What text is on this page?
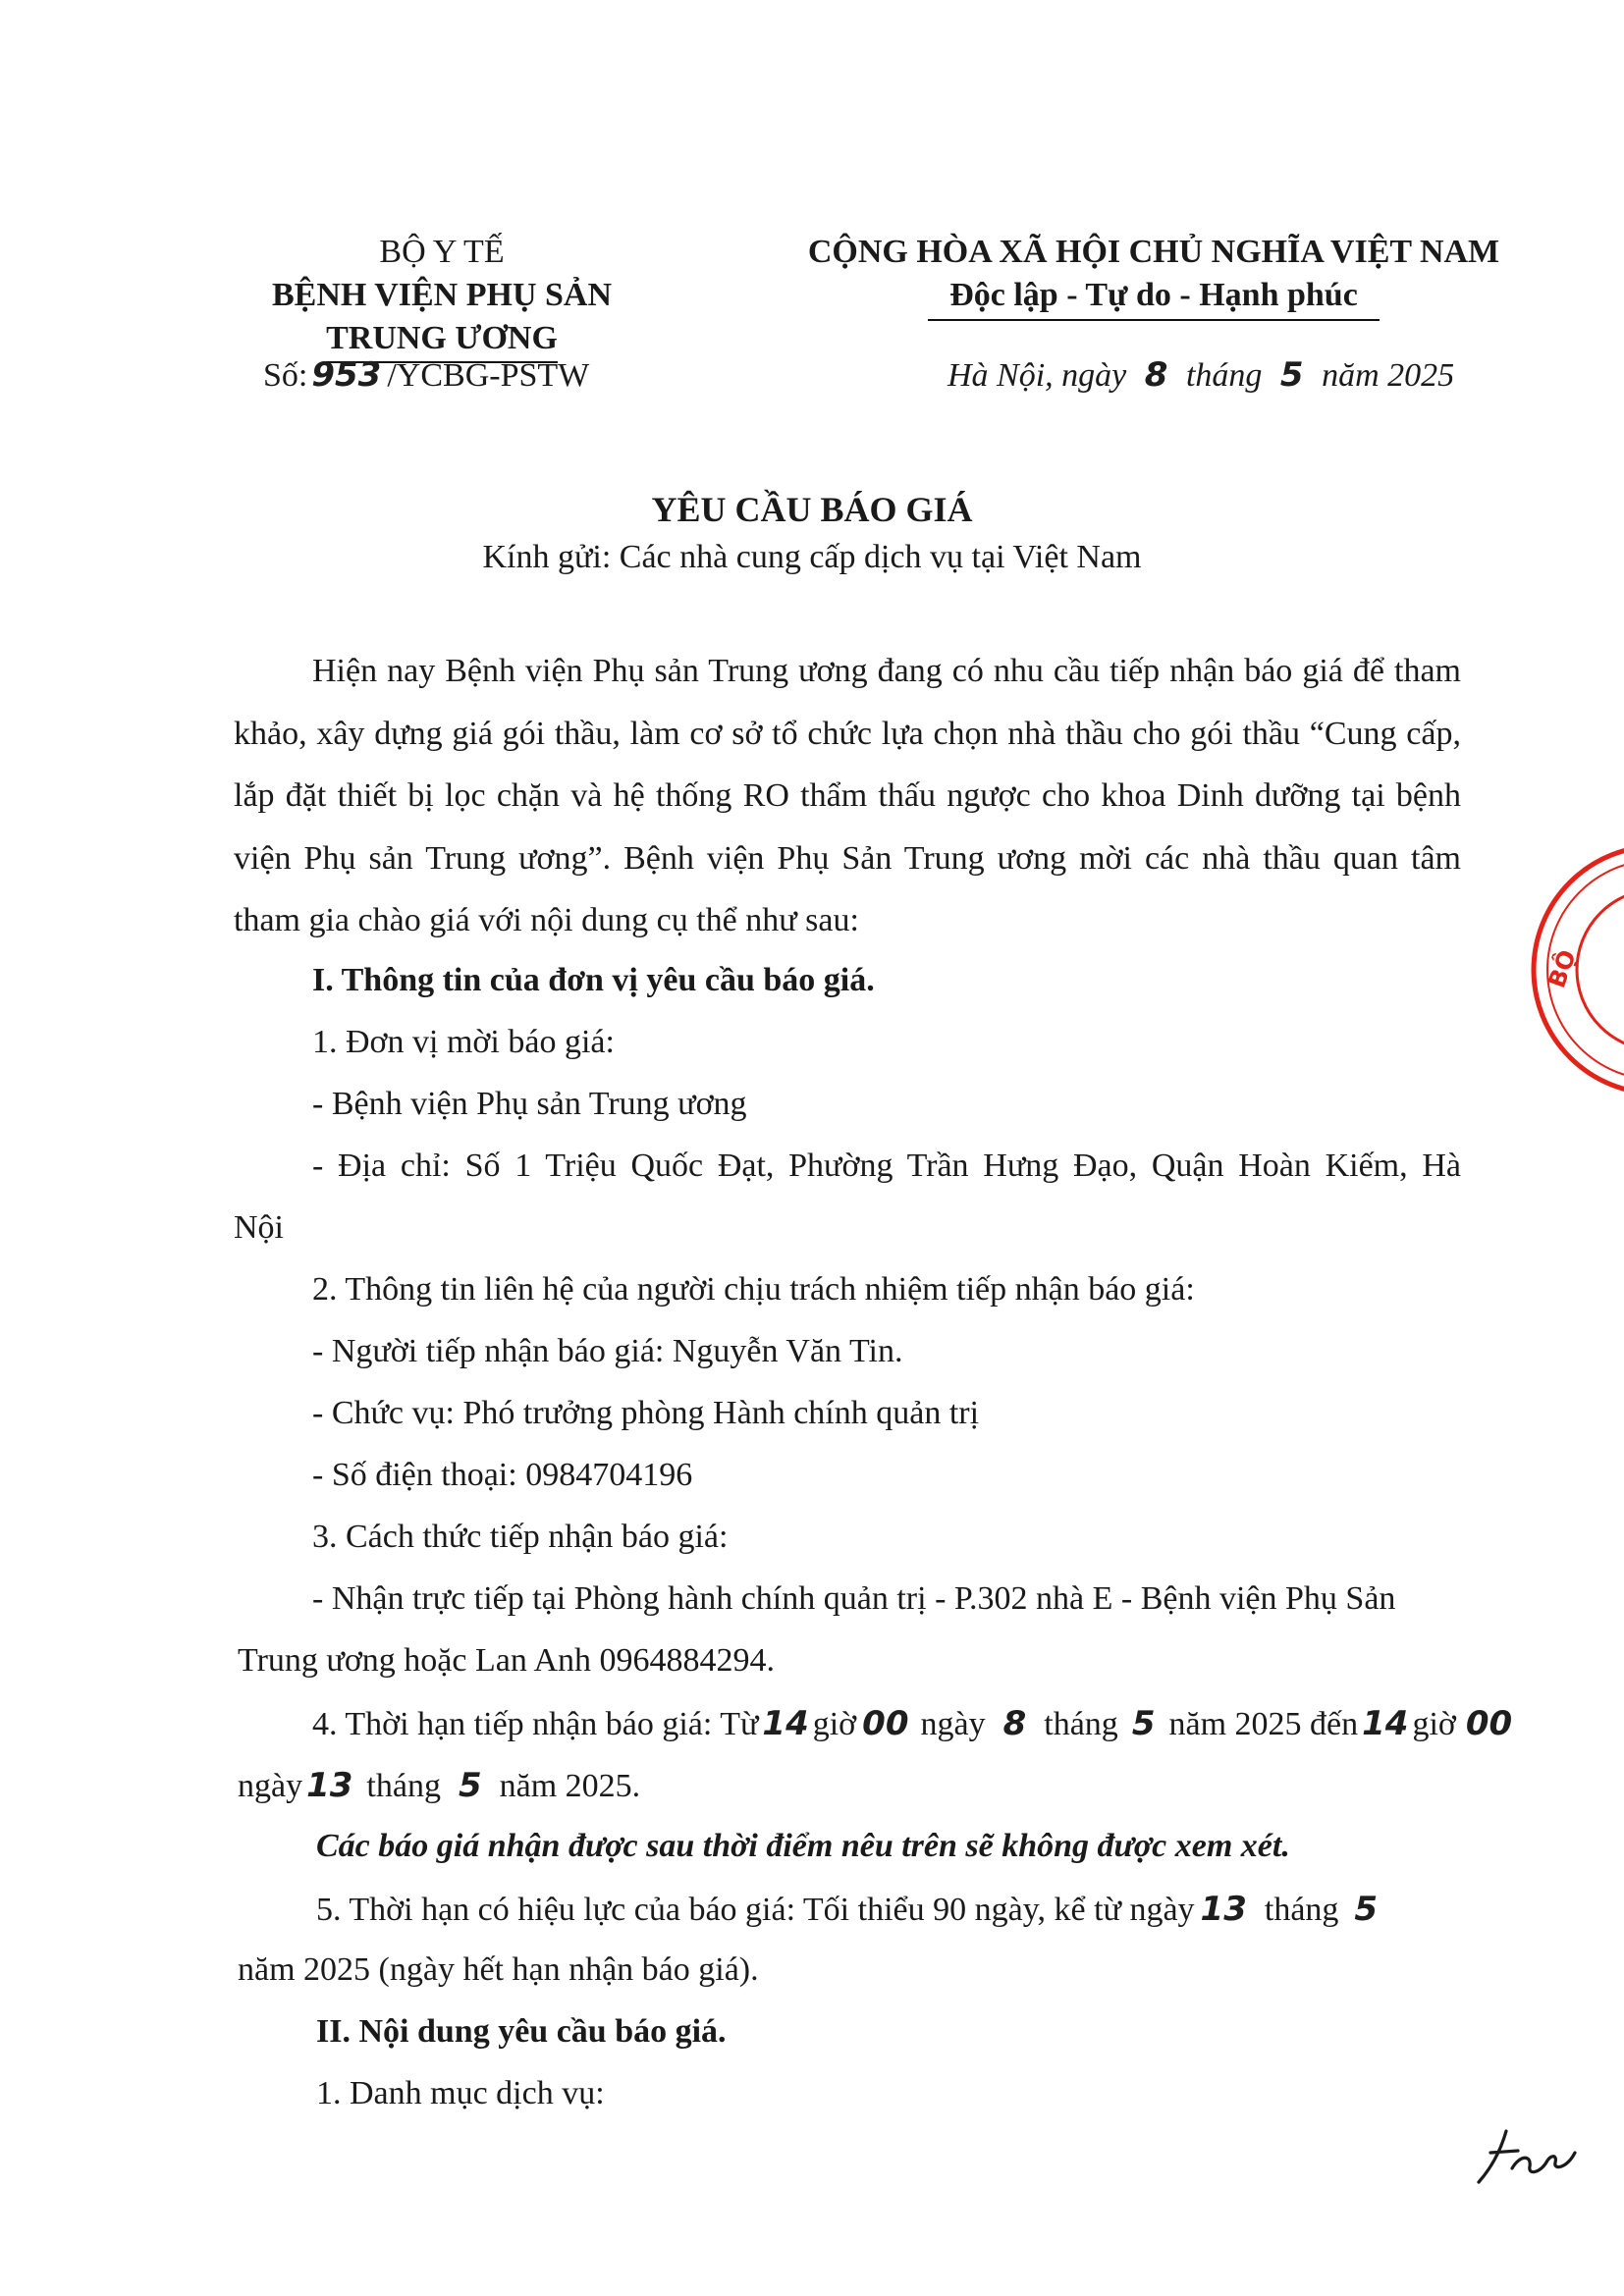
BỘ Y TẾ
BỆNH VIỆN PHỤ SẢN
TRUNG ƯƠNG
Số: 953 /YCBG-PSTW
CỘNG HÒA XÃ HỘI CHỦ NGHĨA VIỆT NAM
Độc lập - Tự do - Hạnh phúc
Hà Nội, ngày 8 tháng 5 năm 2025
YÊU CẦU BÁO GIÁ
Kính gửi: Các nhà cung cấp dịch vụ tại Việt Nam
Hiện nay Bệnh viện Phụ sản Trung ương đang có nhu cầu tiếp nhận báo giá để tham khảo, xây dựng giá gói thầu, làm cơ sở tổ chức lựa chọn nhà thầu cho gói thầu “Cung cấp, lắp đặt thiết bị lọc chặn và hệ thống RO thẩm thấu ngược cho khoa Dinh dưỡng tại bệnh viện Phụ sản Trung ương”. Bệnh viện Phụ Sản Trung ương mời các nhà thầu quan tâm tham gia chào giá với nội dung cụ thể như sau:
I. Thông tin của đơn vị yêu cầu báo giá.
1. Đơn vị mời báo giá:
- Bệnh viện Phụ sản Trung ương
- Địa chỉ: Số 1 Triệu Quốc Đạt, Phường Trần Hưng Đạo, Quận Hoàn Kiếm, Hà
Nội
2. Thông tin liên hệ của người chịu trách nhiệm tiếp nhận báo giá:
- Người tiếp nhận báo giá: Nguyễn Văn Tin.
- Chức vụ: Phó trưởng phòng Hành chính quản trị
- Số điện thoại: 0984704196
3. Cách thức tiếp nhận báo giá:
- Nhận trực tiếp tại Phòng hành chính quản trị - P.302 nhà E - Bệnh viện Phụ Sản
Trung ương hoặc Lan Anh 0964884294.
4. Thời hạn tiếp nhận báo giá: Từ 14 giờ 00 ngày 8 tháng 5 năm 2025 đến 14 giờ 00
ngày 13 tháng 5 năm 2025.
Các báo giá nhận được sau thời điểm nêu trên sẽ không được xem xét.
5. Thời hạn có hiệu lực của báo giá: Tối thiểu 90 ngày, kể từ ngày 13 tháng 5
năm 2025 (ngày hết hạn nhận báo giá).
II. Nội dung yêu cầu báo giá.
1. Danh mục dịch vụ:
BỘ
